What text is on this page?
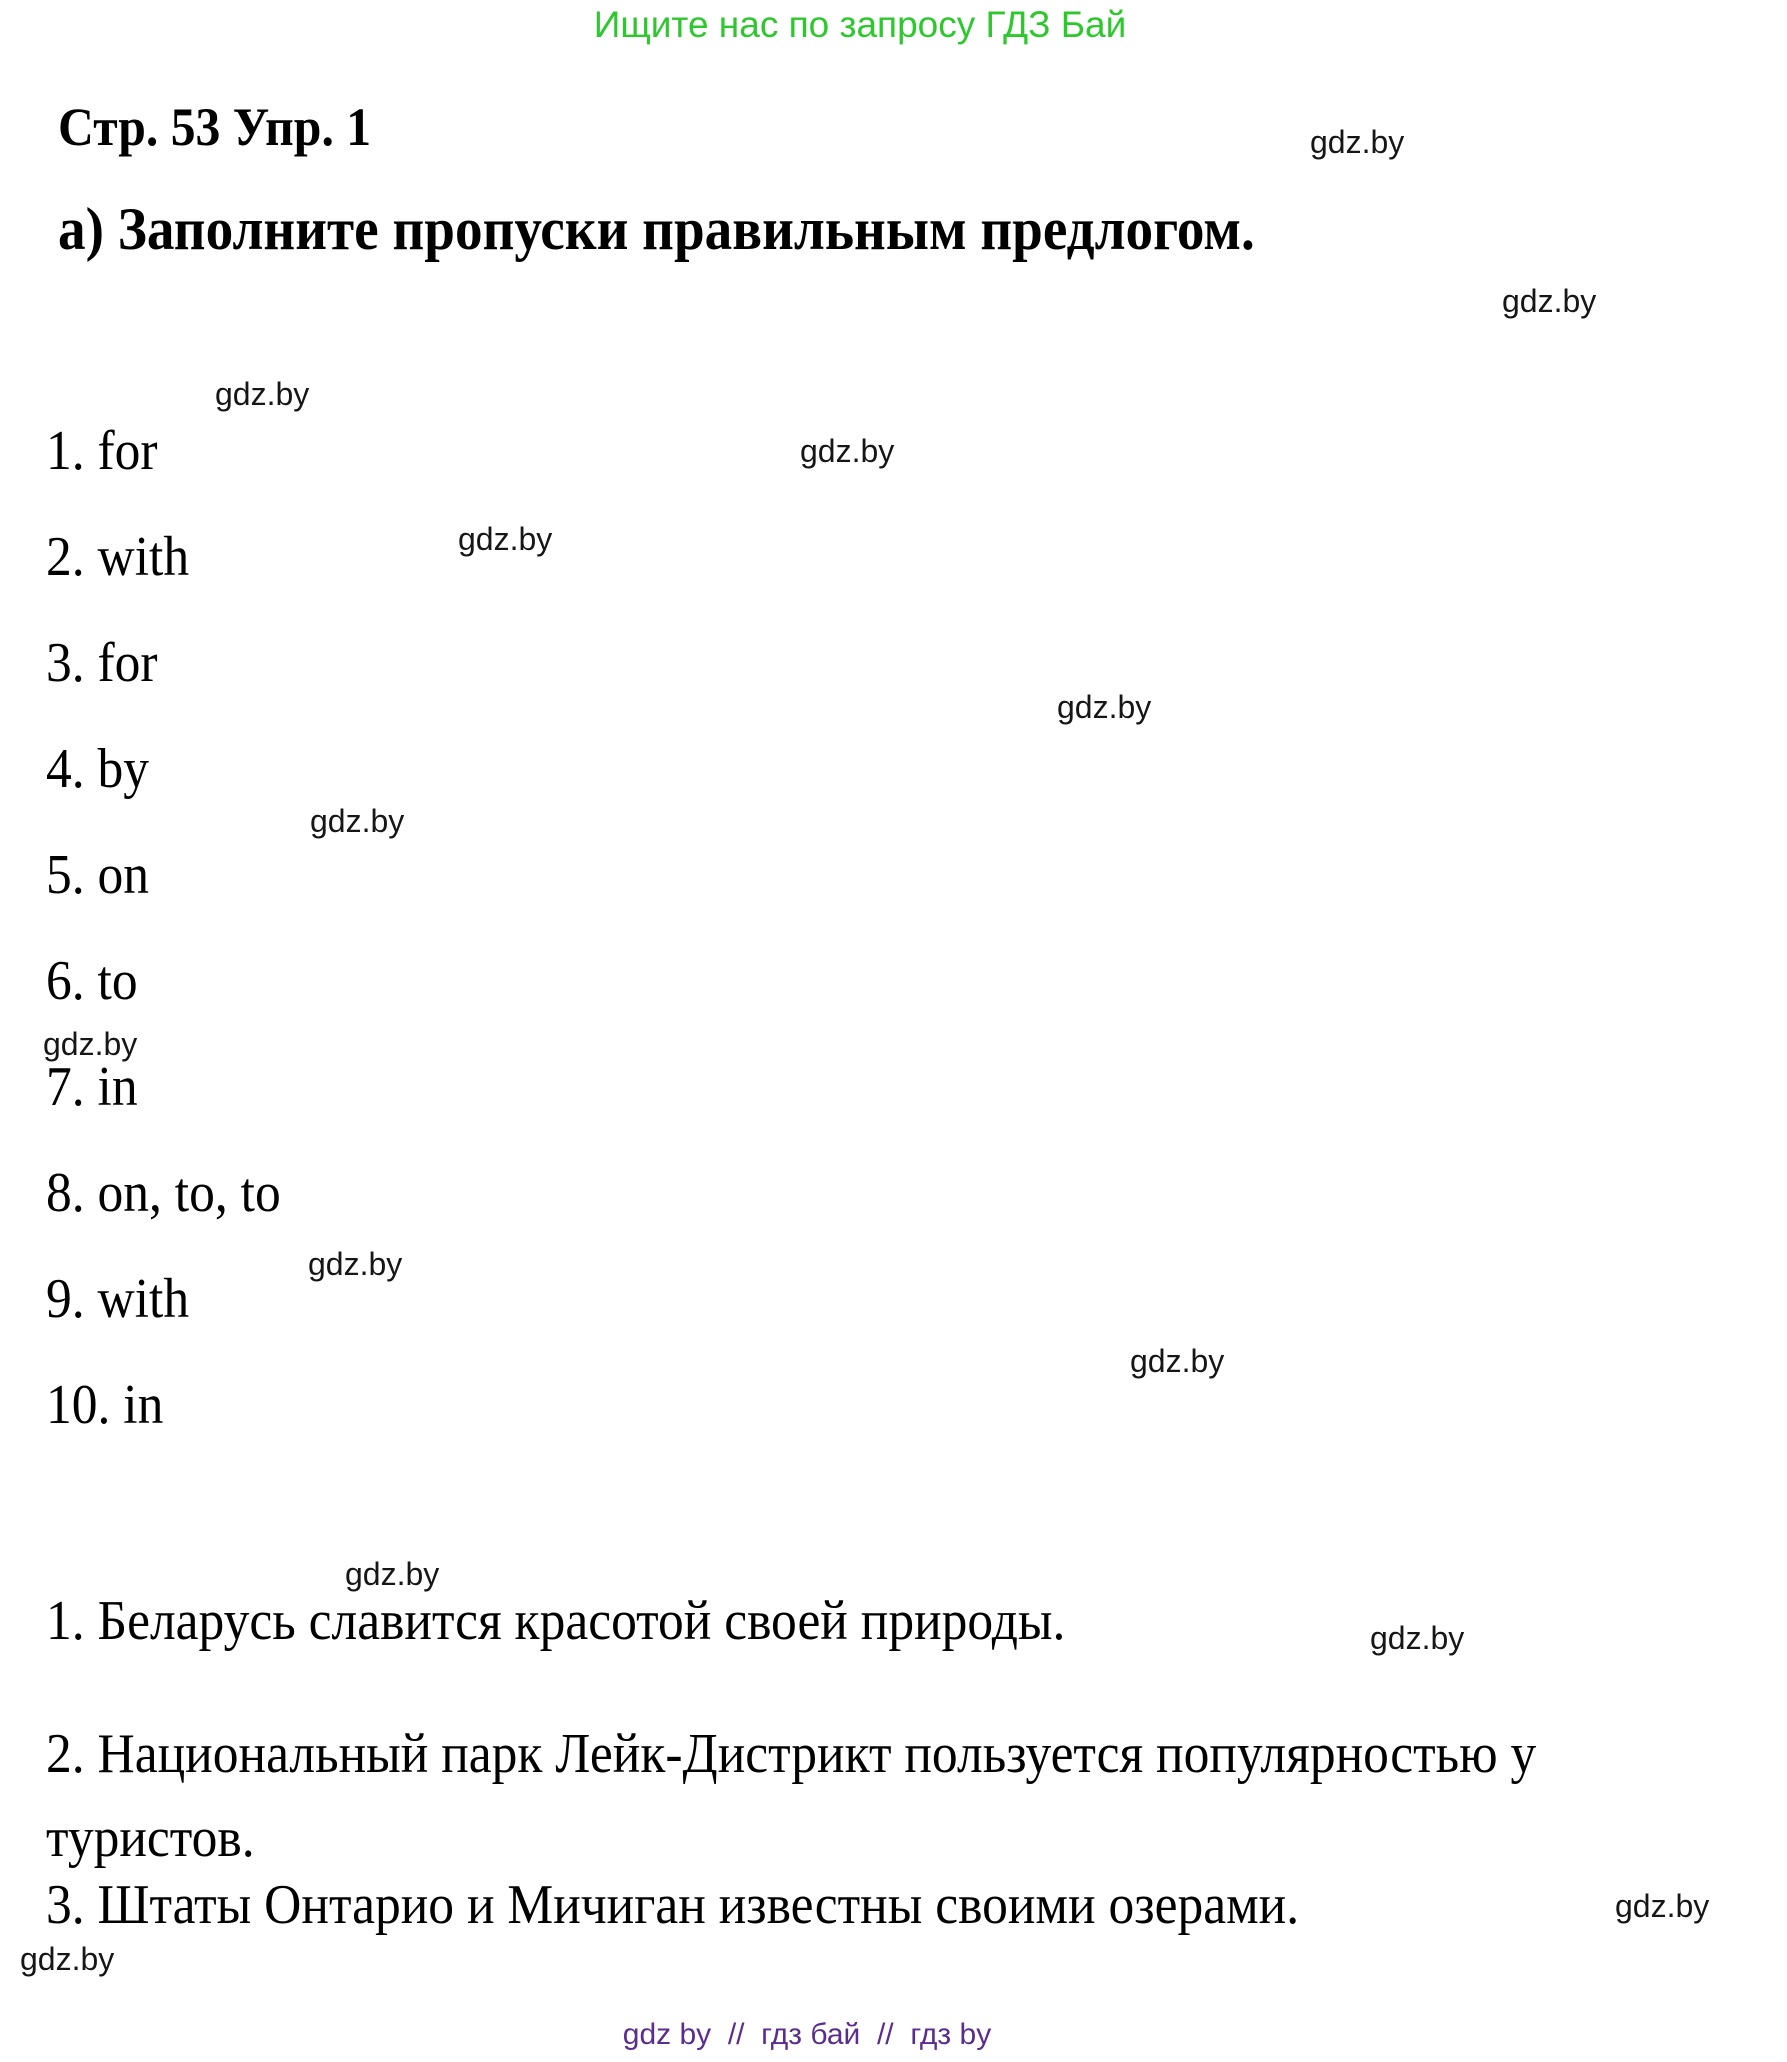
Ищите нас по запросу ГДЗ Бай
Стр. 53 Упр. 1
а) Заполните пропуски правильным предлогом.
1. for
2. with
3. for
4. by
5. on
6. to
7. in
8. on, to, to
9. with
10. in
1. Беларусь славится красотой своей природы.
2. Национальный парк Лейк-Дистрикт пользуется популярностью у туристов.
3. Штаты Онтарио и Мичиган известны своими озерами.
gdz.by
gdz.by
gdz.by
gdz.by
gdz.by
gdz.by
gdz.by
gdz.by
gdz.by
gdz.by
gdz.by
gdz.by
gdz.by
gdz.by
gdz by  //  гдз бай  //  гдз by
